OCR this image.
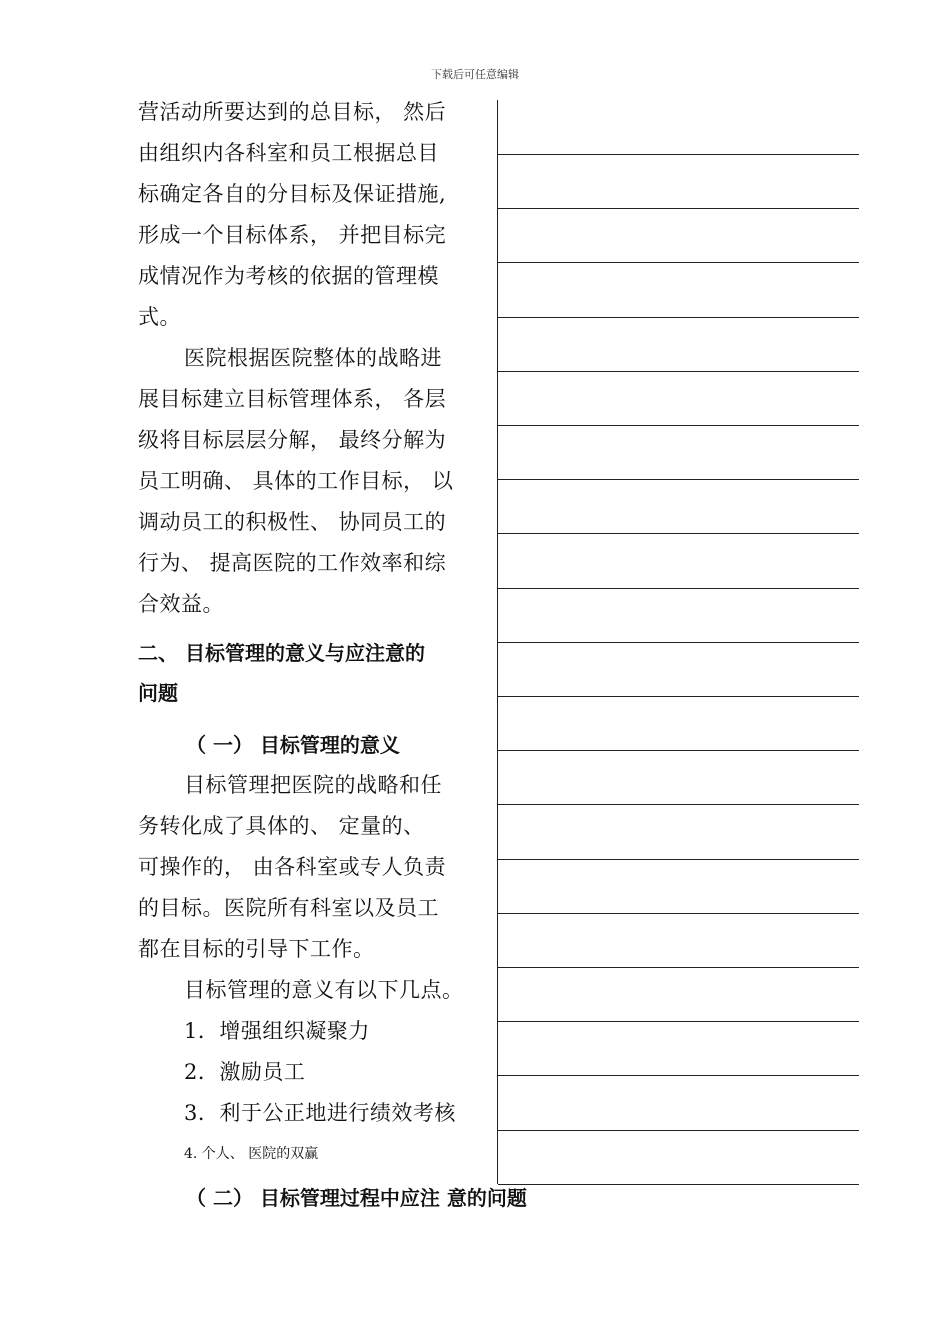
下载后可任意编辑
营活动所要达到的总目标， 然后
由组织内各科室和员工根据总目
标确定各自的分目标及保证措施,
形成一个目标体系， 并把目标完
成情况作为考核的依据的管理模
式。
医院根据医院整体的战略进
展目标建立目标管理体系， 各层
级将目标层层分解， 最终分解为
员工明确、 具体的工作目标， 以
调动员工的积极性、 协同员工的
行为、 提高医院的工作效率和综
合效益。
二、 目标管理的意义与应注意的
问题
（ 一） 目标管理的意义
目标管理把医院的战略和任
务转化成了具体的、 定量的、
可操作的， 由各科室或专人负责
的目标。医院所有科室以及员工
都在目标的引导下工作。
目标管理的意义有以下几点。
1．增强组织凝聚力
2．激励员工
3．利于公正地进行绩效考核
4. 个人、 医院的双赢
（ 二） 目标管理过程中应注 意的问题
